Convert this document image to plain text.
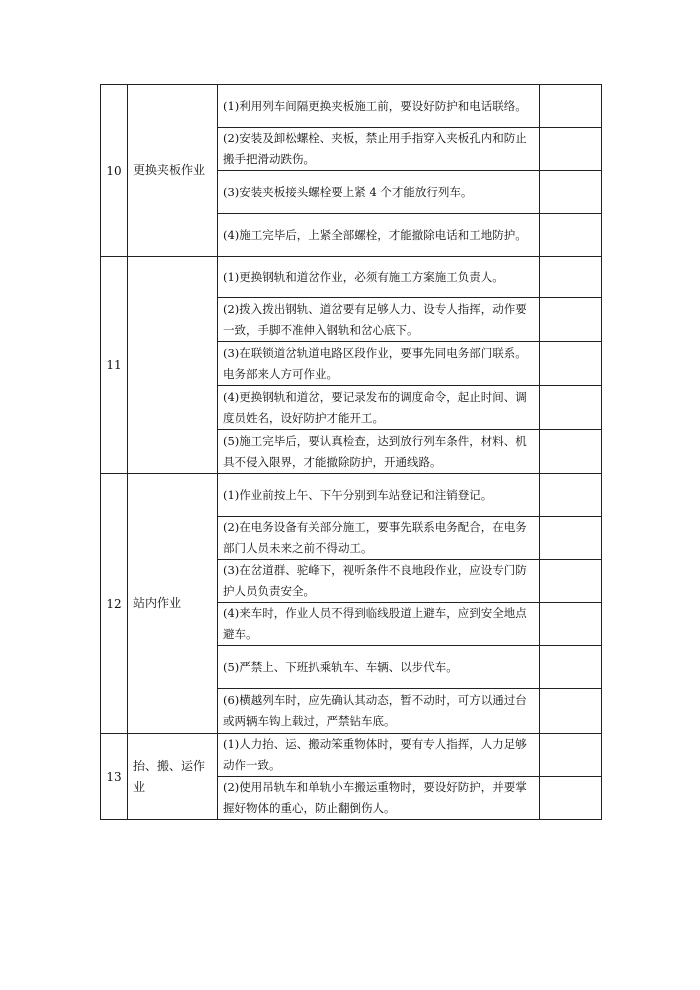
10	更换夹板作业	(1)利用列车间隔更换夹板施工前，要设好防护和电话联络。	
		(2)安装及卸松螺栓、夹板，禁止用手指穿入夹板孔内和防止搬手把滑动跌伤。	
		(3)安装夹板接头螺栓要上紧 4 个才能放行列车。	
		(4)施工完毕后，上紧全部螺栓，才能撤除电话和工地防护。	
11		(1)更换钢轨和道岔作业，必须有施工方案施工负责人。	
		(2)拨入拨出钢轨、道岔要有足够人力、设专人指挥，动作要一致，手脚不准伸入钢轨和岔心底下。	
		(3)在联锁道岔轨道电路区段作业，要事先同电务部门联系。电务部来人方可作业。	
		(4)更换钢轨和道岔，要记录发布的调度命令，起止时间、调度员姓名，设好防护才能开工。	
		(5)施工完毕后，要认真检查，达到放行列车条件，材料、机具不侵入限界，才能撤除防护，开通线路。	
12	站内作业	(1)作业前按上午、下午分别到车站登记和注销登记。	
		(2)在电务设备有关部分施工，要事先联系电务配合，在电务部门人员未来之前不得动工。	
		(3)在岔道群、驼峰下，视听条件不良地段作业，应设专门防护人员负责安全。	
		(4)来车时，作业人员不得到临线股道上避车，应到安全地点避车。	
		(5)严禁上、下班扒乘轨车、车辆、以步代车。	
		(6)横越列车时，应先确认其动态，暂不动时，可方以通过台或两辆车钩上载过，严禁钻车底。	
13	抬、搬、运作业	(1)人力抬、运、搬动笨重物体时，要有专人指挥，人力足够动作一致。	
		(2)使用吊轨车和单轨小车搬运重物时，要设好防护，并要掌握好物体的重心，防止翻倒伤人。	
